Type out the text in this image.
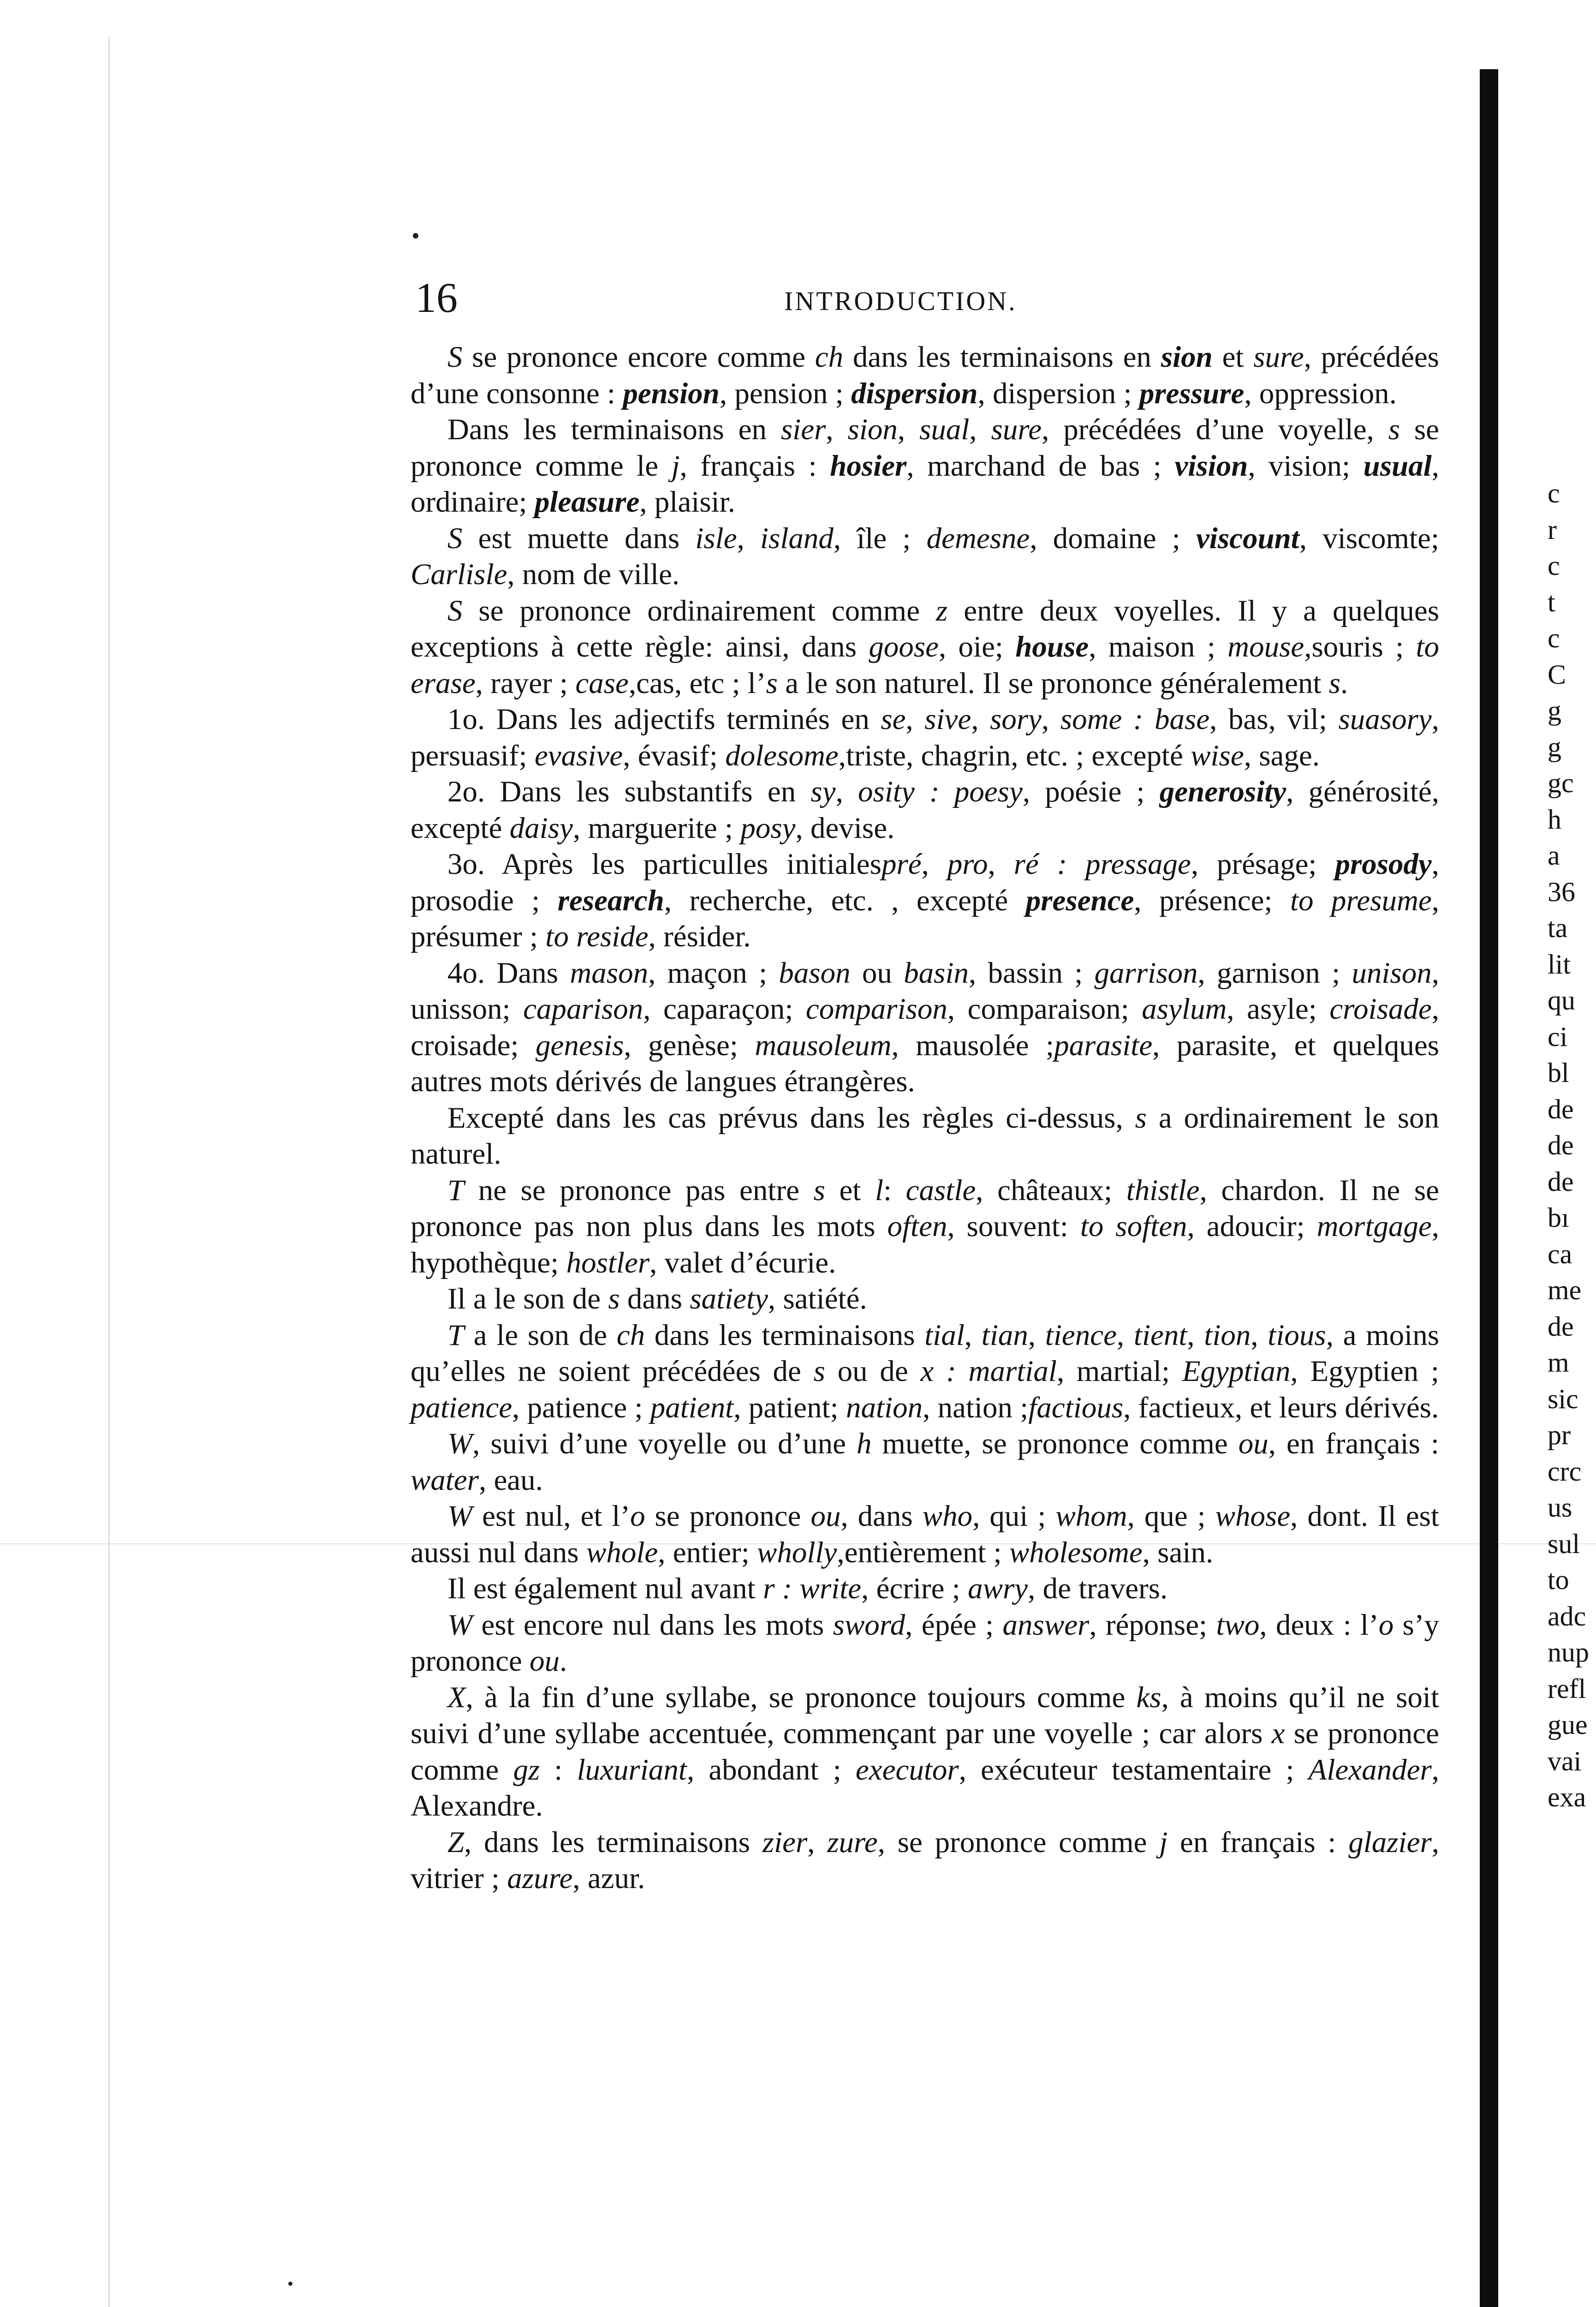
16	INTRODUCTION.

S se prononce encore comme ch dans les terminaisons en sion et sure, précédées d’une consonne : pension, pension ; dispersion, dispersion ; pressure, oppression.

Dans les terminaisons en sier, sion, sual, sure, précédées d’une voyelle, s se prononce comme le j, français : hosier, marchand de bas ; vision, vision; usual, ordinaire; pleasure, plaisir.

S est muette dans isle, island, île ; demesne, domaine ; viscount, viscomte; Carlisle, nom de ville.

S se prononce ordinairement comme z entre deux voyelles. Il y a quelques exceptions à cette règle: ainsi, dans goose, oie; house, maison ; mouse,souris ; to erase, rayer ; case,cas, etc ; l’s a le son naturel. Il se prononce généralement s.

1o. Dans les adjectifs terminés en se, sive, sory, some : base, bas, vil; suasory, persuasif; evasive, évasif; dolesome,triste, chagrin, etc. ; excepté wise, sage.

2o. Dans les substantifs en sy, osity : poesy, poésie ; generosity, générosité, excepté daisy, marguerite ; posy, devise.

3o. Après les particulles initialespré, pro, ré : pressage, présage; prosody, prosodie ; research, recherche, etc. , excepté presence, présence; to presume, présumer ; to reside, résider.

4o. Dans mason, maçon ; bason ou basin, bassin ; garrison, garnison ; unison, unisson; caparison, caparaçon; comparison, comparaison; asylum, asyle; croisade, croisade; genesis, genèse; mausoleum, mausolée ;parasite, parasite, et quelques autres mots dérivés de langues étrangères.

Excepté dans les cas prévus dans les règles ci-dessus, s a ordinairement le son naturel.

T ne se prononce pas entre s et l: castle, châteaux; thistle, chardon. Il ne se prononce pas non plus dans les mots often, souvent: to soften, adoucir; mortgage, hypothèque; hostler, valet d’écurie.

Il a le son de s dans satiety, satiété.

T a le son de ch dans les terminaisons tial, tian, tience, tient, tion, tious, a moins qu’elles ne soient précédées de s ou de x : martial, martial; Egyptian, Egyptien ; patience, patience ; patient, patient; nation, nation ;factious, factieux, et leurs dérivés.

W, suivi d’une voyelle ou d’une h muette, se prononce comme ou, en français : water, eau.

W est nul, et l’o se prononce ou, dans who, qui ; whom, que ; whose, dont. Il est aussi nul dans whole, entier; wholly,entièrement ; wholesome, sain.

Il est également nul avant r : write, écrire ; awry, de travers.

W est encore nul dans les mots sword, épée ; answer, réponse; two, deux : l’o s’y prononce ou.

X, à la fin d’une syllabe, se prononce toujours comme ks, à moins qu’il ne soit suivi d’une syllabe accentuée, commençant par une voyelle ; car alors x se prononce comme gz : luxuriant, abondant ; executor, exécuteur testamentaire ; Alexander, Alexandre.

Z, dans les terminaisons zier, zure, se prononce comme j en français : glazier, vitrier ; azure, azur.

c
r
c
t
c
C
g
g
gc
h
a
36
ta
lit
qu
ci
bl
de
de
de
bı
ca
me
de
m
sic
pr
crc
us
sul
to
adc
nup
refl
gue
vai
exa
